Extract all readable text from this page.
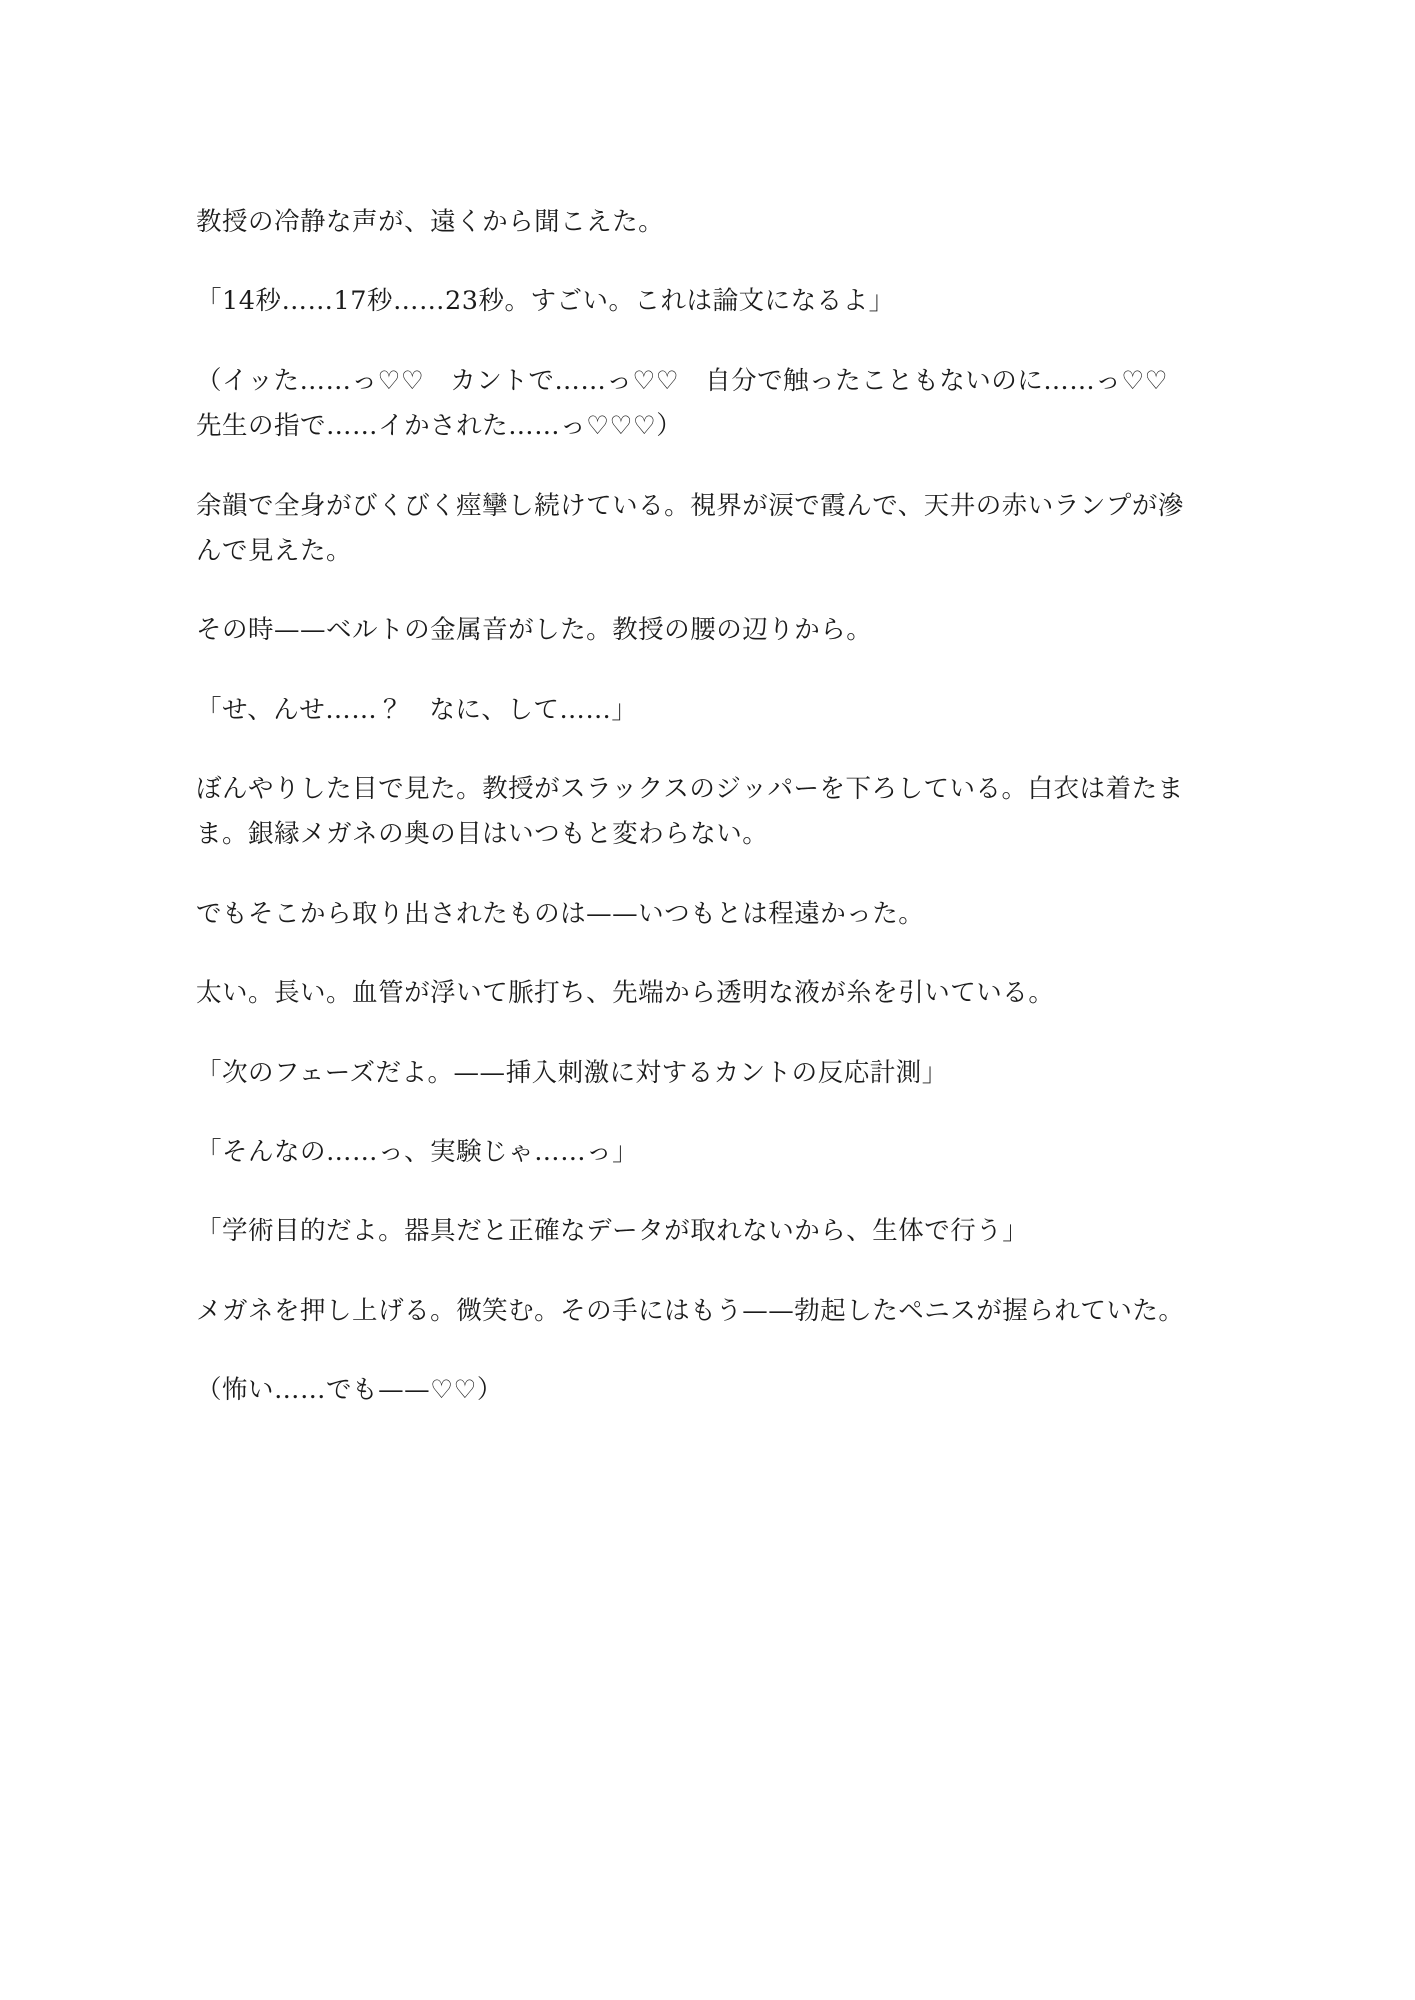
教授の冷静な声が、遠くから聞こえた。

「14秒……17秒……23秒。すごい。これは論文になるよ」

（イッた……っ♡♡　カントで……っ♡♡　自分で触ったこともないのに……っ♡♡　先生の指で……イかされた……っ♡♡♡）

余韻で全身がびくびく痙攣し続けている。視界が涙で霞んで、天井の赤いランプが滲んで見えた。

その時——ベルトの金属音がした。教授の腰の辺りから。

「せ、んせ……？　なに、して……」

ぼんやりした目で見た。教授がスラックスのジッパーを下ろしている。白衣は着たまま。銀縁メガネの奥の目はいつもと変わらない。

でもそこから取り出されたものは——いつもとは程遠かった。

太い。長い。血管が浮いて脈打ち、先端から透明な液が糸を引いている。

「次のフェーズだよ。——挿入刺激に対するカントの反応計測」

「そんなの……っ、実験じゃ……っ」

「学術目的だよ。器具だと正確なデータが取れないから、生体で行う」

メガネを押し上げる。微笑む。その手にはもう——勃起したペニスが握られていた。

（怖い……でも——♡♡）
